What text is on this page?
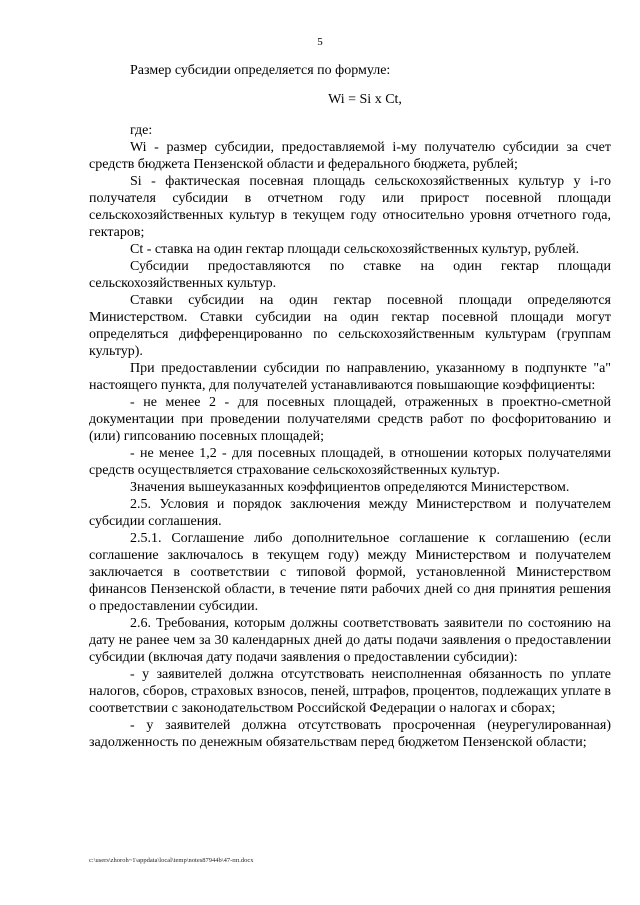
5

Размер субсидии определяется по формуле:

Wi = Si x Ct,

где:

Wi - размер субсидии, предоставляемой i-му получателю субсидии за счет средств бюджета Пензенской области и федерального бюджета, рублей;

Si - фактическая посевная площадь сельскохозяйственных культур у i-го получателя субсидии в отчетном году или прирост посевной площади сельскохозяйственных культур в текущем году относительно уровня отчетного года, гектаров;

Ct - ставка на один гектар площади сельскохозяйственных культур, рублей.

Субсидии предоставляются по ставке на один гектар площади сельскохозяйственных культур.

Ставки субсидии на один гектар посевной площади определяются Министерством. Ставки субсидии на один гектар посевной площади могут определяться дифференцированно по сельскохозяйственным культурам (группам культур).

При предоставлении субсидии по направлению, указанному в подпункте "а" настоящего пункта, для получателей устанавливаются повышающие коэффициенты:

- не менее 2 - для посевных площадей, отраженных в проектно-сметной документации при проведении получателями средств работ по фосфоритованию и (или) гипсованию посевных площадей;

- не менее 1,2 - для посевных площадей, в отношении которых получателями средств осуществляется страхование сельскохозяйственных культур.

Значения вышеуказанных коэффициентов определяются Министерством.

2.5. Условия и порядок заключения между Министерством и получателем субсидии соглашения.

2.5.1. Соглашение либо дополнительное соглашение к соглашению (если соглашение заключалось в текущем году) между Министерством и получателем заключается в соответствии с типовой формой, установленной Министерством финансов Пензенской области, в течение пяти рабочих дней со дня принятия решения о предоставлении субсидии.

2.6. Требования, которым должны соответствовать заявители по состоянию на дату не ранее чем за 30 календарных дней до даты подачи заявления о предоставлении субсидии (включая дату подачи заявления о предоставлении субсидии):

- у заявителей должна отсутствовать неисполненная обязанность по уплате налогов, сборов, страховых взносов, пеней, штрафов, процентов, подлежащих уплате в соответствии с законодательством Российской Федерации о налогах и сборах;

- у заявителей должна отсутствовать просроченная (неурегулированная) задолженность по денежным обязательствам перед бюджетом Пензенской области;

c:\users\zhoroh~1\appdata\local\temp\notes87944b\47-пп.docx
